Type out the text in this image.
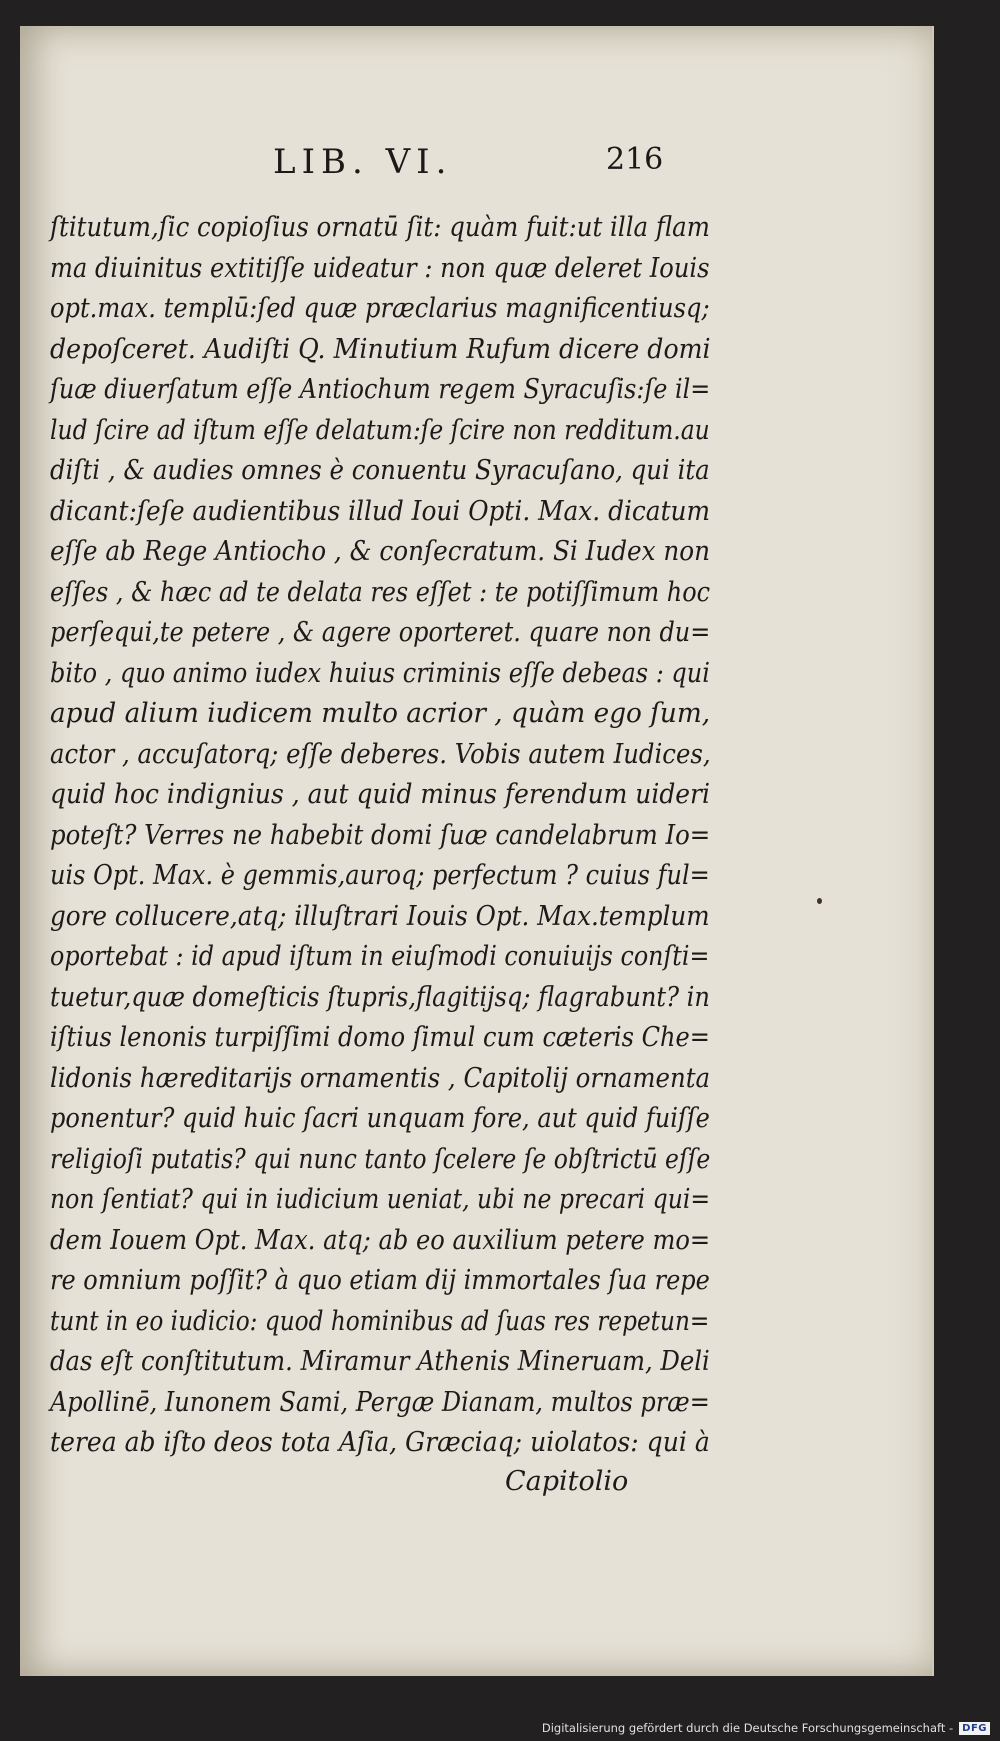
LIB. VI.	216
ſtitutum,ſic copioſius ornatū ſit: quàm fuit:ut illa flam
ma diuinitus extitiſſe uideatur : non quæ deleret Iouis
opt.max. templū:ſed quæ præclarius magnificentiusq;
depoſceret. Audiſti Q. Minutium Rufum dicere domi
ſuæ diuerſatum eſſe Antiochum regem Syracuſis:ſe il=
lud ſcire ad iſtum eſſe delatum:ſe ſcire non redditum.au
diſti , & audies omnes è conuentu Syracuſano, qui ita
dicant:ſeſe audientibus illud Ioui Opti. Max. dicatum
eſſe ab Rege Antiocho , & conſecratum. Si Iudex non
eſſes , & hæc ad te delata res eſſet : te potiſſimum hoc
perſequi,te petere , & agere oporteret. quare non du=
bito , quo animo iudex huius criminis eſſe debeas : qui
apud alium iudicem multo acrior , quàm ego ſum,
actor , accuſatorq; eſſe deberes. Vobis autem Iudices,
quid hoc indignius , aut quid minus ferendum uideri
poteſt? Verres ne habebit domi ſuæ candelabrum Io=
uis Opt. Max. è gemmis,auroq; perfectum ? cuius ful=
gore collucere,atq; illuſtrari Iouis Opt. Max.templum
oportebat : id apud iſtum in eiuſmodi conuiuijs conſti=
tuetur,quæ domeſticis ſtupris,flagitijsq; flagrabunt? in
iſtius lenonis turpiſſimi domo ſimul cum cæteris Che=
lidonis hæreditarijs ornamentis , Capitolij ornamenta
ponentur? quid huic ſacri unquam fore, aut quid fuiſſe
religioſi putatis? qui nunc tanto ſcelere ſe obſtrictū eſſe
non ſentiat? qui in iudicium ueniat, ubi ne precari qui=
dem Iouem Opt. Max. atq; ab eo auxilium petere mo=
re omnium poſſit? à quo etiam dij immortales ſua repe
tunt in eo iudicio: quod hominibus ad ſuas res repetun=
das eſt conſtitutum. Miramur Athenis Mineruam, Deli
Apollinē, Iunonem Sami, Pergæ Dianam, multos præ=
terea ab iſto deos tota Aſia, Græciaq; uiolatos: qui à
Capitolio
Digitalisierung gefördert durch die Deutsche Forschungsgemeinschaft - DFG
